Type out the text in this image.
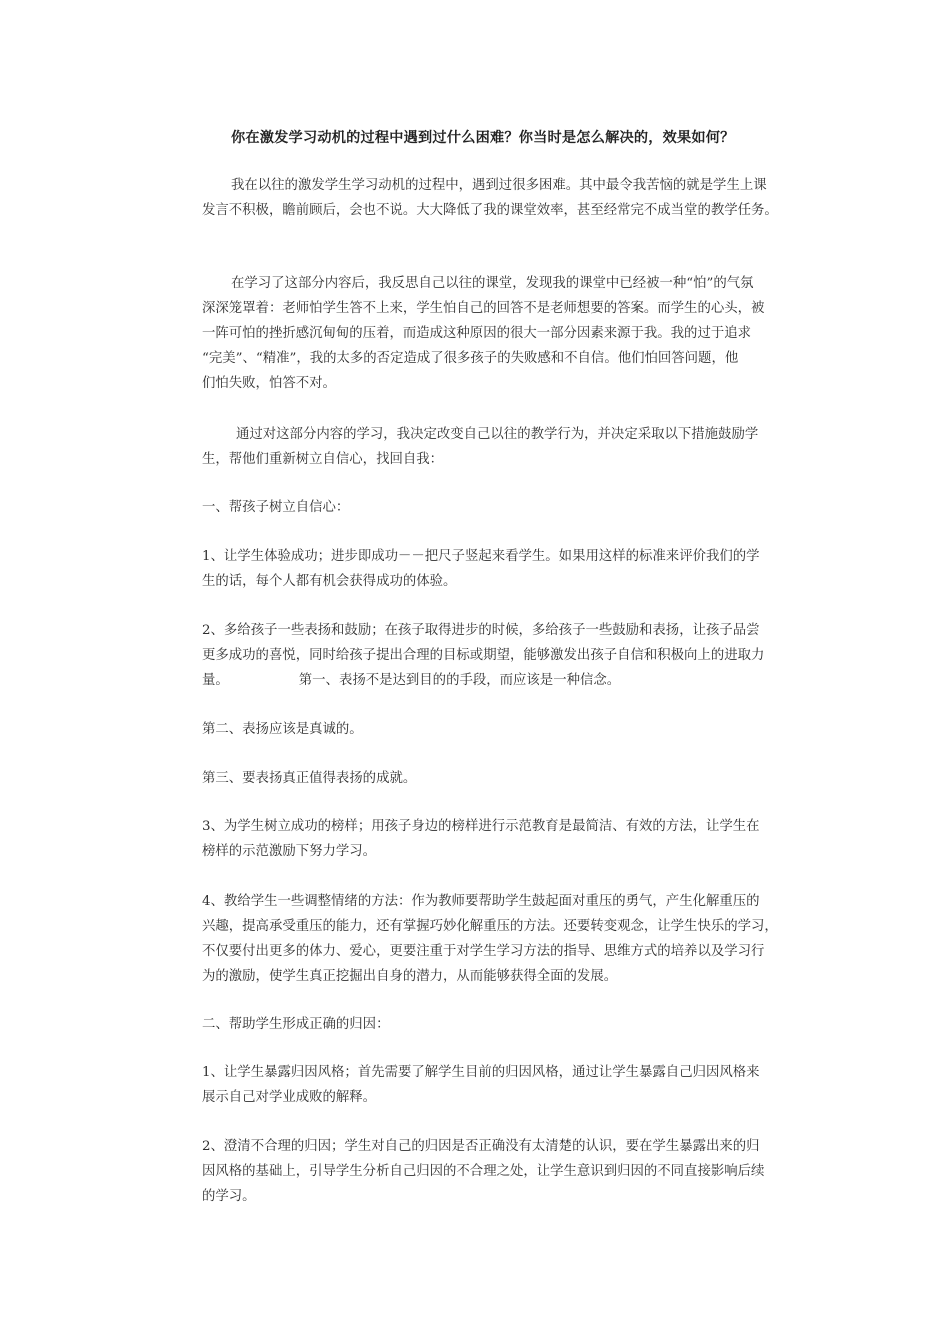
你在激发学习动机的过程中遇到过什么困难？你当时是怎么解决的，效果如何？
我在以往的激发学生学习动机的过程中，遇到过很多困难。其中最令我苦恼的就是学生上课
发言不积极，瞻前顾后，会也不说。大大降低了我的课堂效率，甚至经常完不成当堂的教学任务。
在学习了这部分内容后，我反思自己以往的课堂，发现我的课堂中已经被一种“怕”的气氛
深深笼罩着：老师怕学生答不上来，学生怕自己的回答不是老师想要的答案。而学生的心头，被
一阵可怕的挫折感沉甸甸的压着，而造成这种原因的很大一部分因素来源于我。我的过于追求
“完美”、“精准”，我的太多的否定造成了很多孩子的失败感和不自信。他们怕回答问题，他
们怕失败，怕答不对。
通过对这部分内容的学习，我决定改变自己以往的教学行为，并决定采取以下措施鼓励学
生，帮他们重新树立自信心，找回自我：
一、帮孩子树立自信心：
1、让学生体验成功；进步即成功－－把尺子竖起来看学生。如果用这样的标准来评价我们的学
生的话，每个人都有机会获得成功的体验。
2、多给孩子一些表扬和鼓励；在孩子取得进步的时候，多给孩子一些鼓励和表扬，让孩子品尝
更多成功的喜悦，同时给孩子提出合理的目标或期望，能够激发出孩子自信和积极向上的进取力
量。	第一、表扬不是达到目的的手段，而应该是一种信念。
第二、表扬应该是真诚的。
第三、要表扬真正值得表扬的成就。
3、为学生树立成功的榜样；用孩子身边的榜样进行示范教育是最简洁、有效的方法，让学生在
榜样的示范激励下努力学习。
4、教给学生一些调整情绪的方法：作为教师要帮助学生鼓起面对重压的勇气，产生化解重压的
兴趣，提高承受重压的能力，还有掌握巧妙化解重压的方法。还要转变观念，让学生快乐的学习，
不仅要付出更多的体力、爱心，更要注重于对学生学习方法的指导、思维方式的培养以及学习行
为的激励，使学生真正挖掘出自身的潜力，从而能够获得全面的发展。
二、帮助学生形成正确的归因：
1、让学生暴露归因风格；首先需要了解学生目前的归因风格，通过让学生暴露自己归因风格来
展示自己对学业成败的解释。
2、澄清不合理的归因；学生对自己的归因是否正确没有太清楚的认识，要在学生暴露出来的归
因风格的基础上，引导学生分析自己归因的不合理之处，让学生意识到归因的不同直接影响后续
的学习。
